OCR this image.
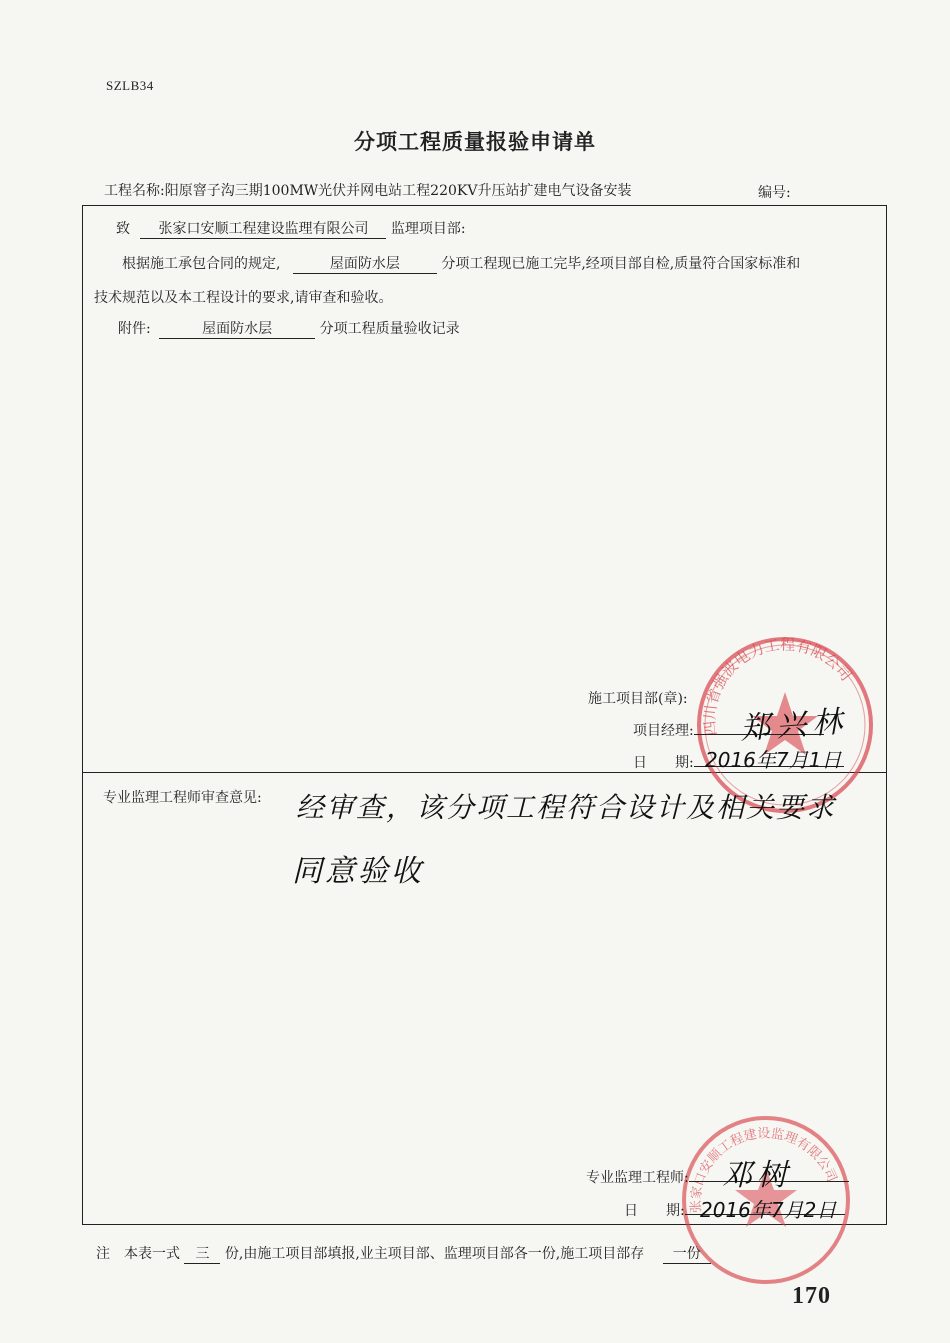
SZLB34
分项工程质量报验申请单
工程名称:阳原窨子沟三期100MW光伏并网电站工程220KV升压站扩建电气设备安装	编号:
致 张家口安顺工程建设监理有限公司 监理项目部:
根据施工承包合同的规定,	屋面防水层	分项工程现已施工完毕,经项目部自检,质量符合国家标准和
技术规范以及本工程设计的要求,请审查和验收。
附件:	屋面防水层	分项工程质量验收记录
四川省强波电力工程有限公司
施工项目部(章):
项目经理:	郑兴林
日　　期: 2016年7月1日
专业监理工程师审查意见: 经审查，该分项工程符合设计及相关要求
同意验收
张家口安顺工程建设监理有限公司
专业监理工程师:	邓树
日　　期: 2016年7月2日
注　本表一式 三 份,由施工项目部填报,业主项目部、监理项目部各一份,施工项目部存 一份
170
